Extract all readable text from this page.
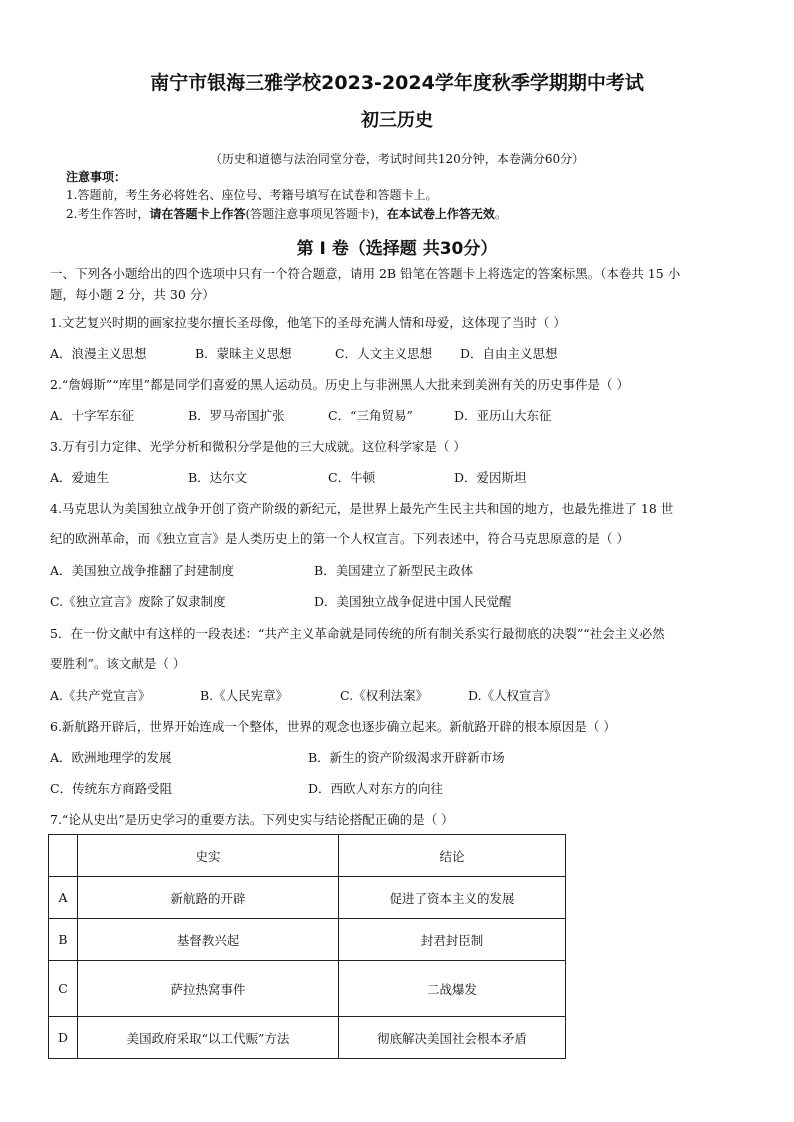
南宁市银海三雅学校2023-2024学年度秋季学期期中考试
初三历史
（历史和道德与法治同堂分卷，考试时间共120分钟，本卷满分60分）
注意事项：
1.答题前，考生务必将姓名、座位号、考籍号填写在试卷和答题卡上。
2.考生作答时，请在答题卡上作答(答题注意事项见答题卡)，在本试卷上作答无效。
第 I 卷（选择题 共30分）
一、下列各小题给出的四个选项中只有一个符合题意，请用 2B 铅笔在答题卡上将选定的答案标黑。（本卷共 15 小
题，每小题 2 分，共 30 分）
1.文艺复兴时期的画家拉斐尔擅长圣母像，他笔下的圣母充满人情和母爱，这体现了当时（ ）
A．浪漫主义思想	B．蒙昧主义思想	C．人文主义思想 D．自由主义思想
2.“詹姆斯”“库里”都是同学们喜爱的黑人运动员。历史上与非洲黑人大批来到美洲有关的历史事件是（ ）
A．十字军东征	B．罗马帝国扩张	C．“三角贸易”	D．亚历山大东征
3.万有引力定律、光学分析和微积分学是他的三大成就。这位科学家是（ ）
A．爱迪生	B．达尔文	C．牛顿	D．爱因斯坦
4.马克思认为美国独立战争开创了资产阶级的新纪元，是世界上最先产生民主共和国的地方，也最先推进了 18 世
纪的欧洲革命，而《独立宣言》是人类历史上的第一个人权宣言。下列表述中，符合马克思原意的是（ ）
A．美国独立战争推翻了封建制度	B．美国建立了新型民主政体
C.《独立宣言》废除了奴隶制度	D．美国独立战争促进中国人民觉醒
5．在一份文献中有这样的一段表述：“共产主义革命就是同传统的所有制关系实行最彻底的决裂”“社会主义必然
要胜利”。该文献是（ ）
A.《共产党宣言》	B.《人民宪章》	C.《权利法案》	D.《人权宣言》
6.新航路开辟后，世界开始连成一个整体，世界的观念也逐步确立起来。新航路开辟的根本原因是（ ）
A．欧洲地理学的发展	B．新生的资产阶级渴求开辟新市场
C．传统东方商路受阻	D．西欧人对东方的向往
7.“论从史出”是历史学习的重要方法。下列史实与结论搭配正确的是（ ）
	史实	结论
A	新航路的开辟	促进了资本主义的发展
B	基督教兴起	封君封臣制
C	萨拉热窝事件	二战爆发
D	美国政府采取“以工代赈”方法	彻底解决美国社会根本矛盾
